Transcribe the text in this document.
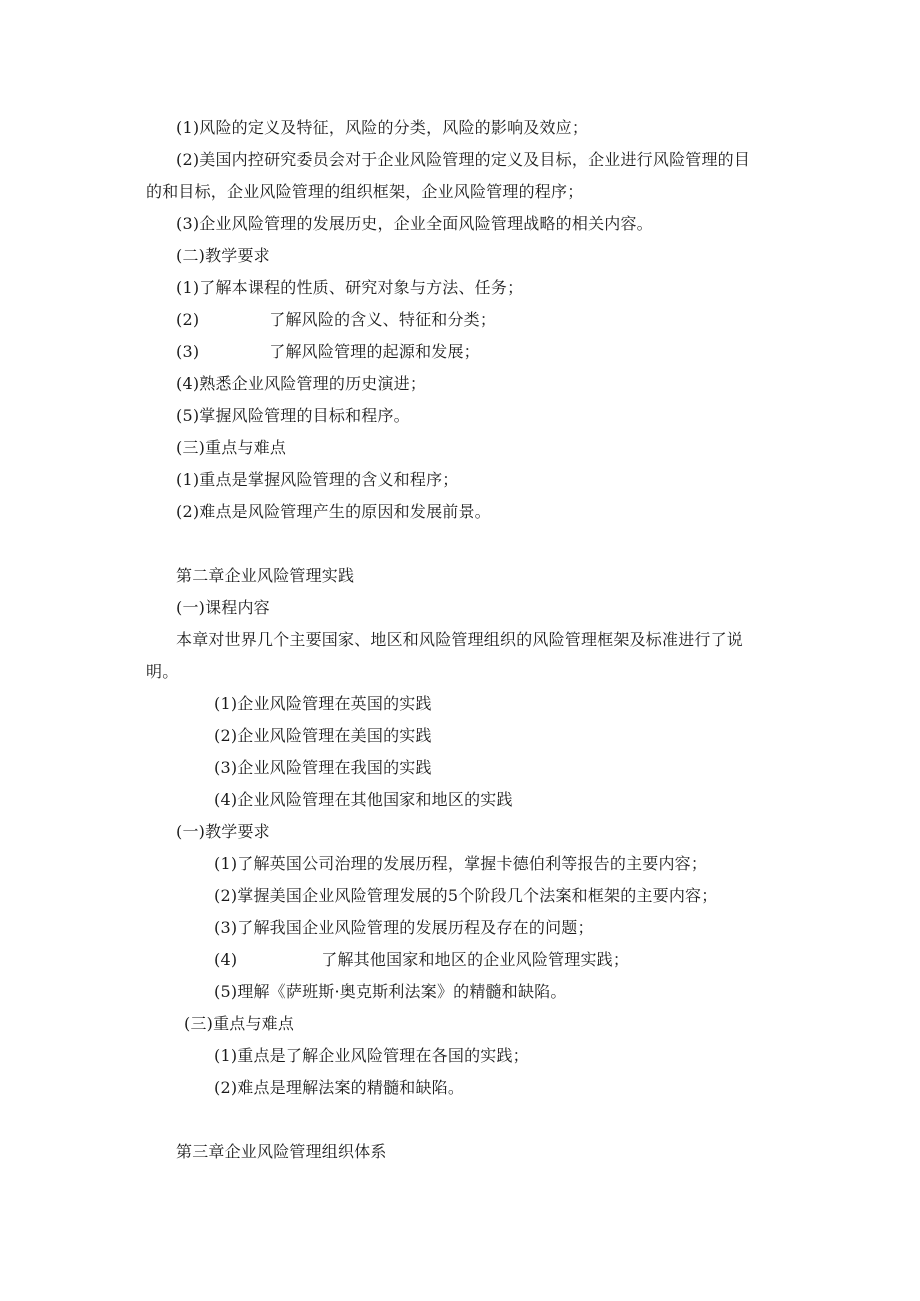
(1)风险的定义及特征，风险的分类，风险的影响及效应；
(2)美国内控研究委员会对于企业风险管理的定义及目标，企业进行风险管理的目
的和目标，企业风险管理的组织框架，企业风险管理的程序；
(3)企业风险管理的发展历史，企业全面风险管理战略的相关内容。
(二)教学要求
(1)了解本课程的性质、研究对象与方法、任务；
(2)	了解风险的含义、特征和分类；
(3)	了解风险管理的起源和发展；
(4)熟悉企业风险管理的历史演进；
(5)掌握风险管理的目标和程序。
(三)重点与难点
(1)重点是掌握风险管理的含义和程序；
(2)难点是风险管理产生的原因和发展前景。
第二章企业风险管理实践
(一)课程内容
本章对世界几个主要国家、地区和风险管理组织的风险管理框架及标准进行了说
明。
(1)企业风险管理在英国的实践
(2)企业风险管理在美国的实践
(3)企业风险管理在我国的实践
(4)企业风险管理在其他国家和地区的实践
(一)教学要求
(1)了解英国公司治理的发展历程，掌握卡德伯利等报告的主要内容；
(2)掌握美国企业风险管理发展的5个阶段几个法案和框架的主要内容；
(3)了解我国企业风险管理的发展历程及存在的问题；
(4)	了解其他国家和地区的企业风险管理实践；
(5)理解《萨班斯·奥克斯利法案》的精髓和缺陷。
(三)重点与难点
(1)重点是了解企业风险管理在各国的实践；
(2)难点是理解法案的精髓和缺陷。
第三章企业风险管理组织体系
